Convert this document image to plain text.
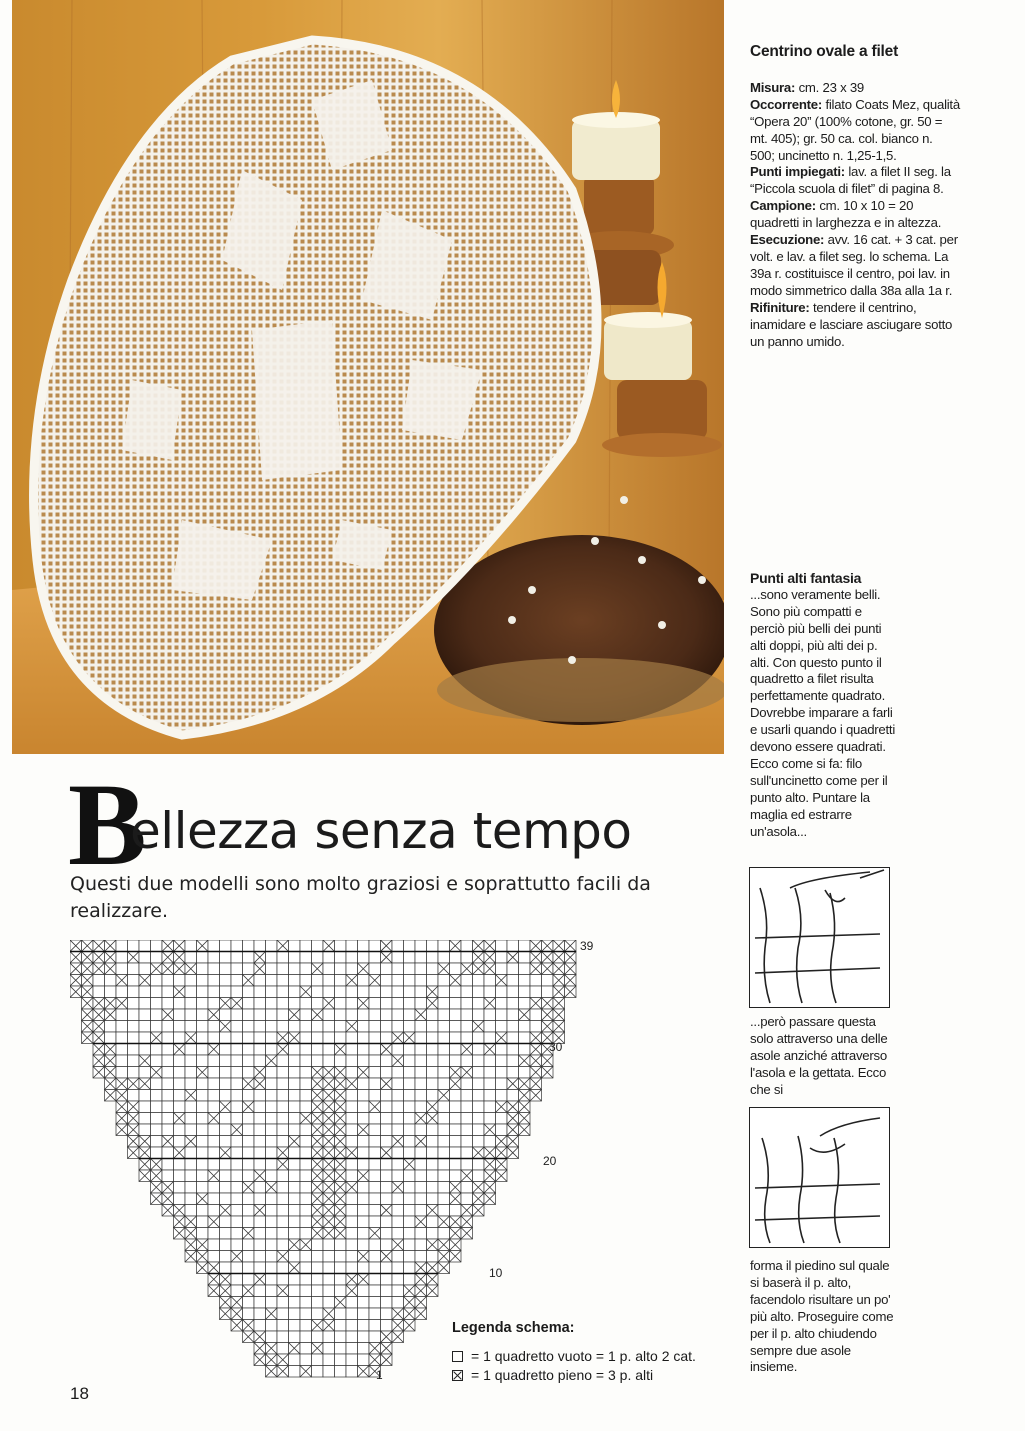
Centrino ovale a filet

Misura: cm. 23 x 39

Occorrente: filato Coats Mez, qualità “Opera 20” (100% cotone, gr. 50 = mt. 405); gr. 50 ca. col. bianco n. 500; uncinetto n. 1,25-1,5.

Punti impiegati: lav. a filet II seg. la “Piccola scuola di filet” di pagina 8.

Campione: cm. 10 x 10 = 20 quadretti in larghezza e in altezza.

Esecuzione: avv. 16 cat. + 3 cat. per volt. e lav. a filet seg. lo schema. La 39a r. costituisce il centro, poi lav. in modo simmetrico dalla 38a alla 1a r.

Rifiniture: tendere il centrino, inamidare e lasciare asciugare sotto un panno umido.

Punti alti fantasia

...sono veramente belli. Sono più compatti e perciò più belli dei punti alti doppi, più alti dei p. alti. Con questo punto il quadretto a filet risulta perfettamente quadrato. Dovrebbe imparare a farli e usarli quando i quadretti devono essere quadrati. Ecco come si fa: filo sull'uncinetto come per il punto alto. Puntare la maglia ed estrarre un'asola...

...però passare questa solo attraverso una delle asole anziché attraverso l'asola e la gettata. Ecco che si

forma il piedino sul quale si baserà il p. alto, facendolo risultare un po' più alto. Proseguire come per il p. alto chiudendo sempre due asole insieme.

B
ellezza senza tempo
Questi due modelli sono molto graziosi e soprattutto facili da realizzare.
39
30
20
10
1
Legenda schema:
= 1 quadretto vuoto = 1 p. alto 2 cat.
= 1 quadretto pieno = 3 p. alti
18
